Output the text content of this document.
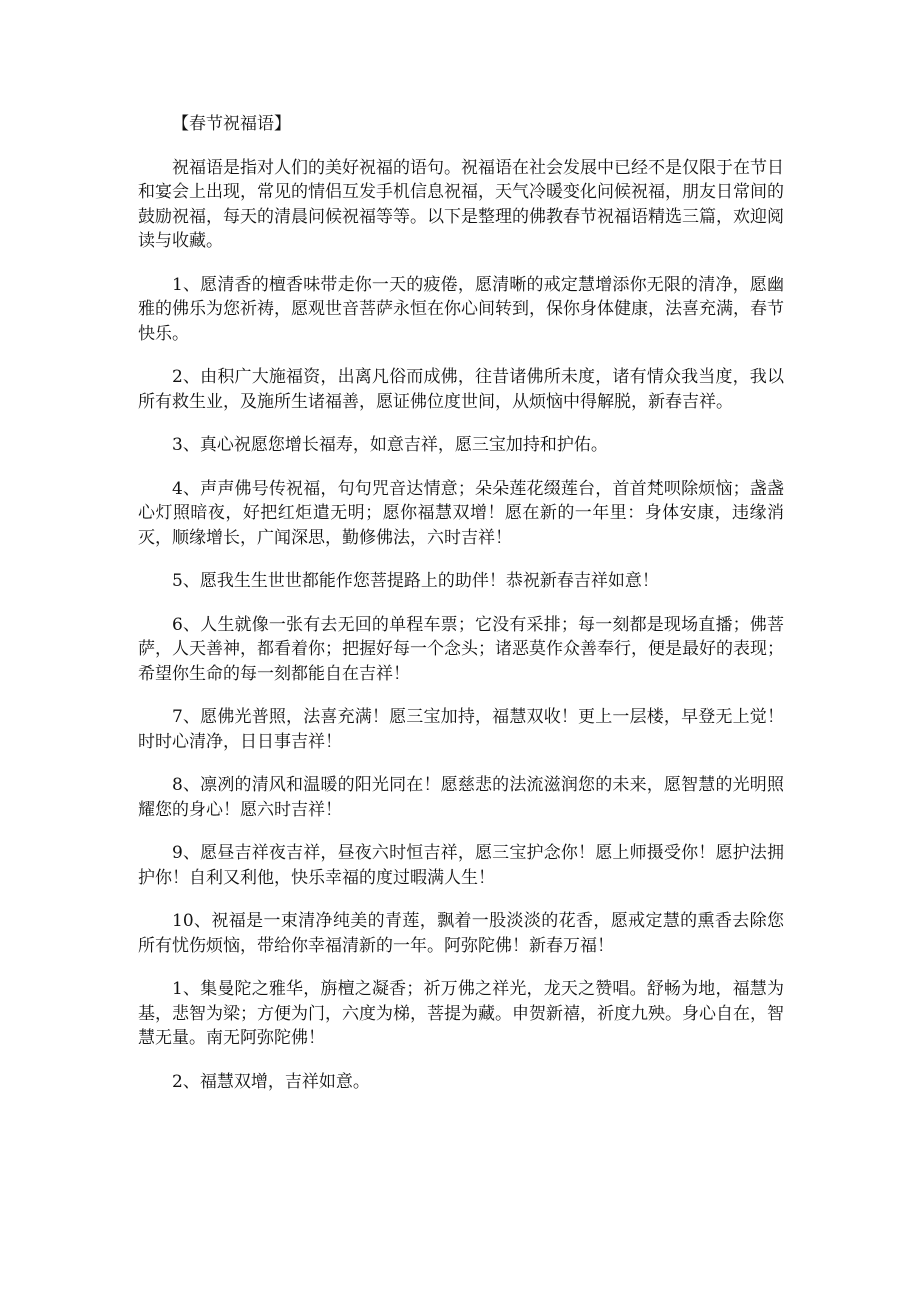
【春节祝福语】

祝福语是指对人们的美好祝福的语句。祝福语在社会发展中已经不是仅限于在节日和宴会上出现，常见的情侣互发手机信息祝福，天气冷暖变化问候祝福，朋友日常间的鼓励祝福，每天的清晨问候祝福等等。以下是整理的佛教春节祝福语精选三篇，欢迎阅读与收藏。

1、愿清香的檀香味带走你一天的疲倦，愿清晰的戒定慧增添你无限的清净，愿幽雅的佛乐为您祈祷，愿观世音菩萨永恒在你心间转到，保你身体健康，法喜充满，春节快乐。

2、由积广大施福资，出离凡俗而成佛，往昔诸佛所未度，诸有情众我当度，我以所有救生业，及施所生诸福善，愿证佛位度世间，从烦恼中得解脱，新春吉祥。

3、真心祝愿您增长福寿，如意吉祥，愿三宝加持和护佑。

4、声声佛号传祝福，句句咒音达情意；朵朵莲花缀莲台，首首梵呗除烦恼；盏盏心灯照暗夜，好把红炬遣无明；愿你福慧双增！愿在新的一年里：身体安康，违缘消灭，顺缘增长，广闻深思，勤修佛法，六时吉祥！

5、愿我生生世世都能作您菩提路上的助伴！恭祝新春吉祥如意！

6、人生就像一张有去无回的单程车票；它没有采排；每一刻都是现场直播；佛菩萨，人天善神，都看着你；把握好每一个念头；诸恶莫作众善奉行，便是最好的表现；希望你生命的每一刻都能自在吉祥！

7、愿佛光普照，法喜充满！愿三宝加持，福慧双收！更上一层楼，早登无上觉！时时心清净，日日事吉祥！

8、凛冽的清风和温暖的阳光同在！愿慈悲的法流滋润您的未来，愿智慧的光明照耀您的身心！愿六时吉祥！

9、愿昼吉祥夜吉祥，昼夜六时恒吉祥，愿三宝护念你！愿上师摄受你！愿护法拥护你！自利又利他，快乐幸福的度过暇满人生！

10、祝福是一束清净纯美的青莲，飘着一股淡淡的花香，愿戒定慧的熏香去除您所有忧伤烦恼，带给你幸福清新的一年。阿弥陀佛！新春万福！

1、集曼陀之雅华，旃檀之凝香；祈万佛之祥光，龙天之赞唱。舒畅为地，福慧为基，悲智为梁；方便为门，六度为梯，菩提为藏。申贺新禧，祈度九殃。身心自在，智慧无量。南无阿弥陀佛！

2、福慧双增，吉祥如意。
